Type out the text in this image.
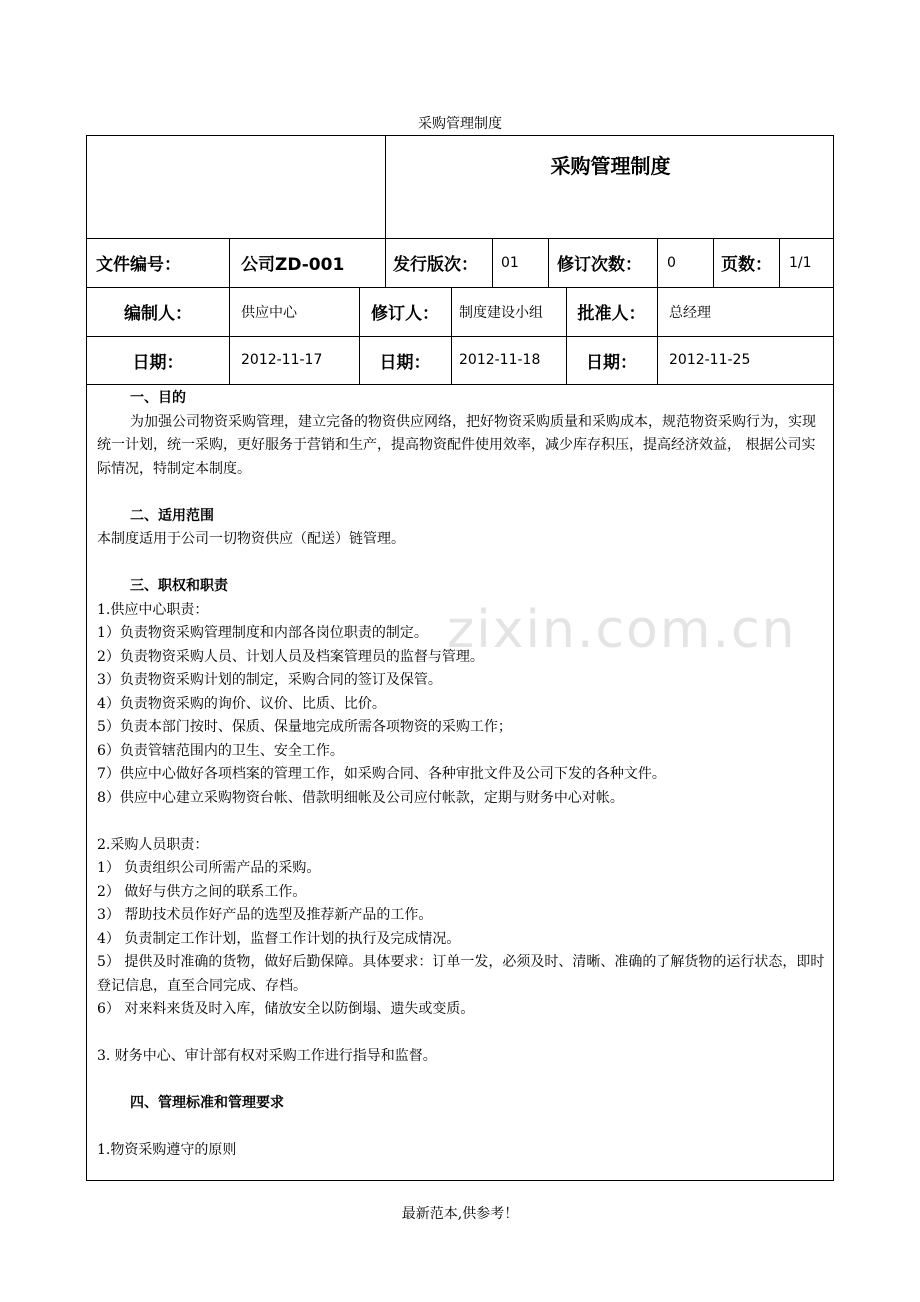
采购管理制度
采购管理制度
文件编号：	公司ZD-001	发行版次：	01	修订次数：	0	页数：	1/1
编制人：	供应中心	修订人：	制度建设小组	批准人：	总经理
日期：	2012-11-17	日期：	2012-11-18	日期：	2012-11-25

一、目的

为加强公司物资采购管理，建立完备的物资供应网络，把好物资采购质量和采购成本，规范物资采购行为，实现统一计划，统一采购，更好服务于营销和生产，提高物资配件使用效率，减少库存积压，提高经济效益， 根据公司实际情况，特制定本制度。

二、适用范围

本制度适用于公司一切物资供应（配送）链管理。

三、职权和职责

1.供应中心职责：

1）负责物资采购管理制度和内部各岗位职责的制定。

2）负责物资采购人员、计划人员及档案管理员的监督与管理。

3）负责物资采购计划的制定，采购合同的签订及保管。

4）负责物资采购的询价、议价、比质、比价。

5）负责本部门按时、保质、保量地完成所需各项物资的采购工作；

6）负责管辖范围内的卫生、安全工作。

7）供应中心做好各项档案的管理工作，如采购合同、各种审批文件及公司下发的各种文件。

8）供应中心建立采购物资台帐、借款明细帐及公司应付帐款，定期与财务中心对帐。

2.采购人员职责：

1） 负责组织公司所需产品的采购。

2） 做好与供方之间的联系工作。

3） 帮助技术员作好产品的选型及推荐新产品的工作。

4） 负责制定工作计划，监督工作计划的执行及完成情况。

5） 提供及时准确的货物，做好后勤保障。具体要求：订单一发，必须及时、清晰、准确的了解货物的运行状态，即时登记信息，直至合同完成、存档。

6） 对来料来货及时入库，储放安全以防倒塌、遗失或变质。

3. 财务中心、审计部有权对采购工作进行指导和监督。

四、管理标准和管理要求

1.物资采购遵守的原则

zixin.com.cn
最新范本,供参考！
